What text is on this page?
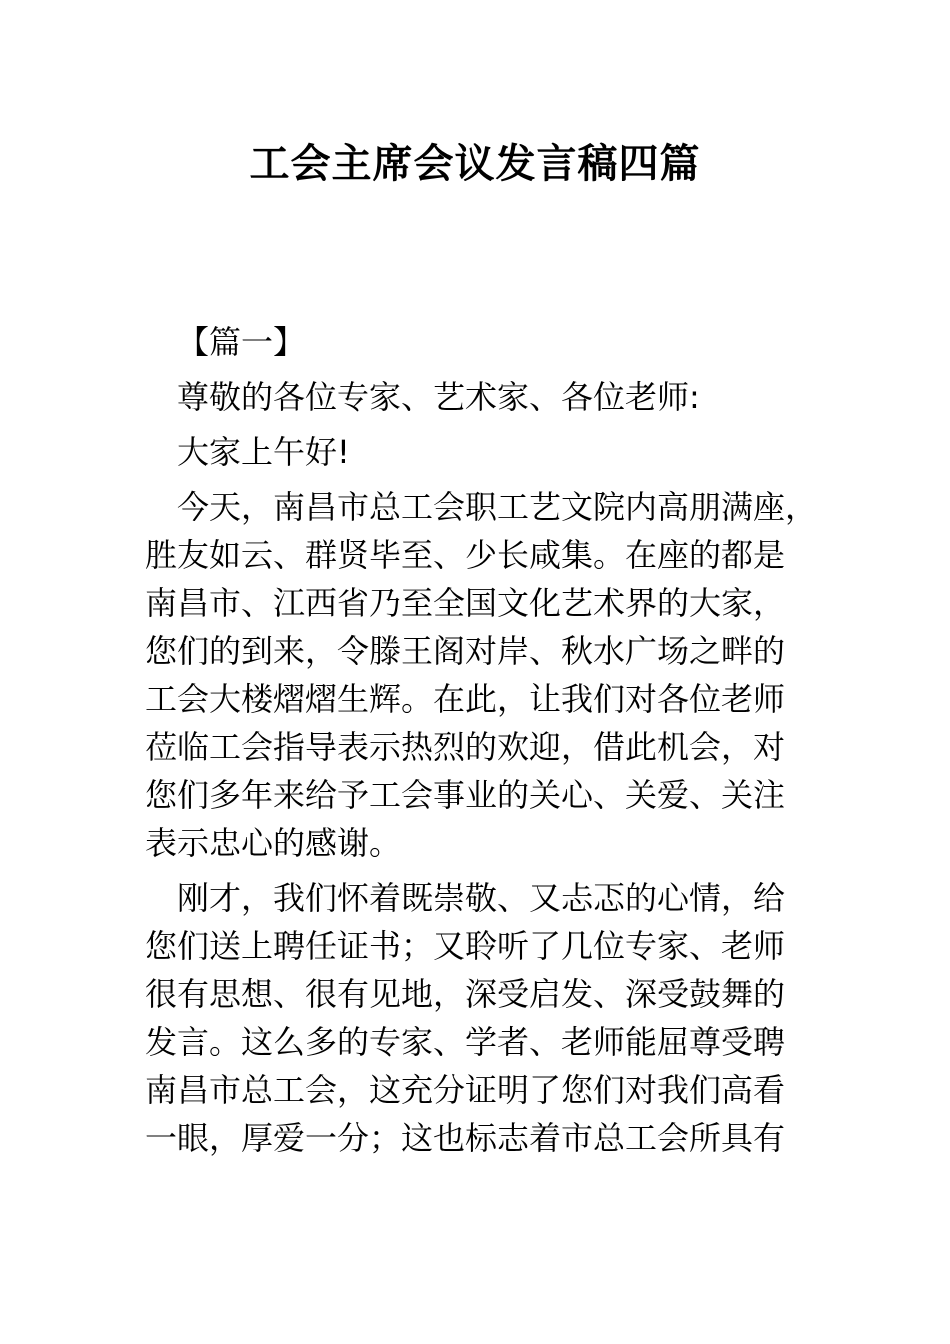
工会主席会议发言稿四篇

【篇一】

尊敬的各位专家、艺术家、各位老师:

大家上午好!

今天，南昌市总工会职工艺文院内高朋满座，
胜友如云、群贤毕至、少长咸集。在座的都是
南昌市、江西省乃至全国文化艺术界的大家，
您们的到来，令滕王阁对岸、秋水广场之畔的
工会大楼熠熠生辉。在此，让我们对各位老师
莅临工会指导表示热烈的欢迎，借此机会，对
您们多年来给予工会事业的关心、关爱、关注
表示忠心的感谢。
刚才，我们怀着既崇敬、又忐忑的心情，给
您们送上聘任证书；又聆听了几位专家、老师
很有思想、很有见地，深受启发、深受鼓舞的
发言。这么多的专家、学者、老师能屈尊受聘
南昌市总工会，这充分证明了您们对我们高看
一眼，厚爱一分；这也标志着市总工会所具有
